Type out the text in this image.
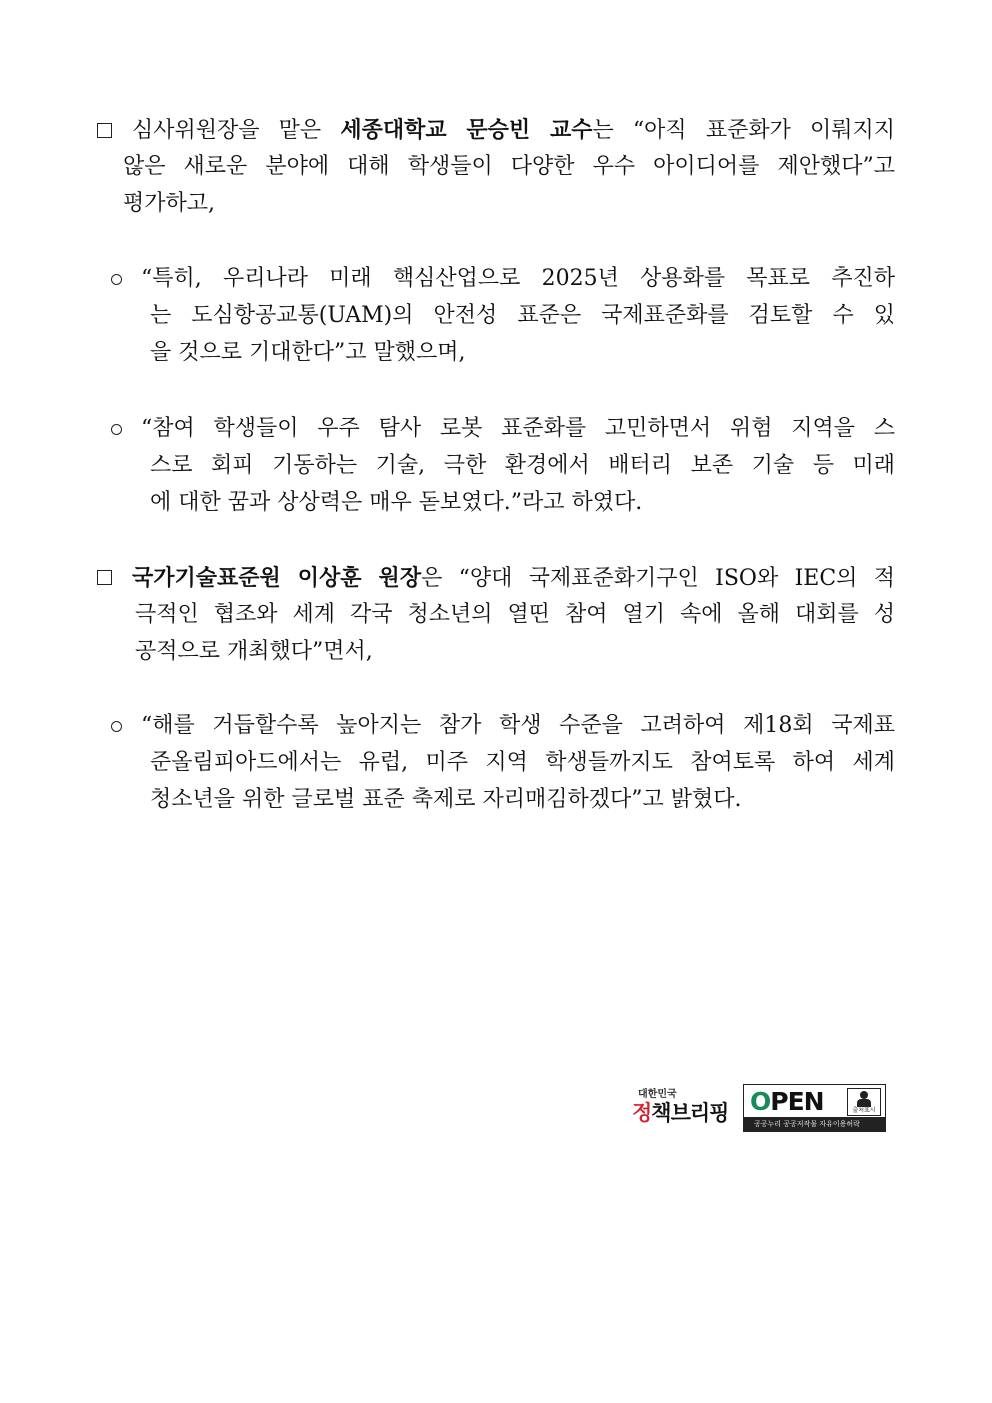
심사위원장을 맡은 세종대학교 문승빈 교수는 “아직 표준화가 이뤄지지
않은 새로운 분야에 대해 학생들이 다양한 우수 아이디어를 제안했다”고
평가하고,
“특히, 우리나라 미래 핵심산업으로 2025년 상용화를 목표로 추진하
는 도심항공교통(UAM)의 안전성 표준은 국제표준화를 검토할 수 있
을 것으로 기대한다”고 말했으며,
“참여 학생들이 우주 탐사 로봇 표준화를 고민하면서 위험 지역을 스
스로 회피 기동하는 기술, 극한 환경에서 배터리 보존 기술 등 미래
에 대한 꿈과 상상력은 매우 돋보였다.”라고 하였다.
국가기술표준원 이상훈 원장은 “양대 국제표준화기구인 ISO와 IEC의 적
극적인 협조와 세계 각국 청소년의 열띤 참여 열기 속에 올해 대회를 성
공적으로 개최했다”면서,
“해를 거듭할수록 높아지는 참가 학생 수준을 고려하여 제18회 국제표
준올림피아드에서는 유럽, 미주 지역 학생들까지도 참여토록 하여 세계
청소년을 위한 글로벌 표준 축제로 자리매김하겠다”고 밝혔다.
대한민국
정책브리핑 OPEN	출처표시
공공누리 공공저작물 자유이용허락
